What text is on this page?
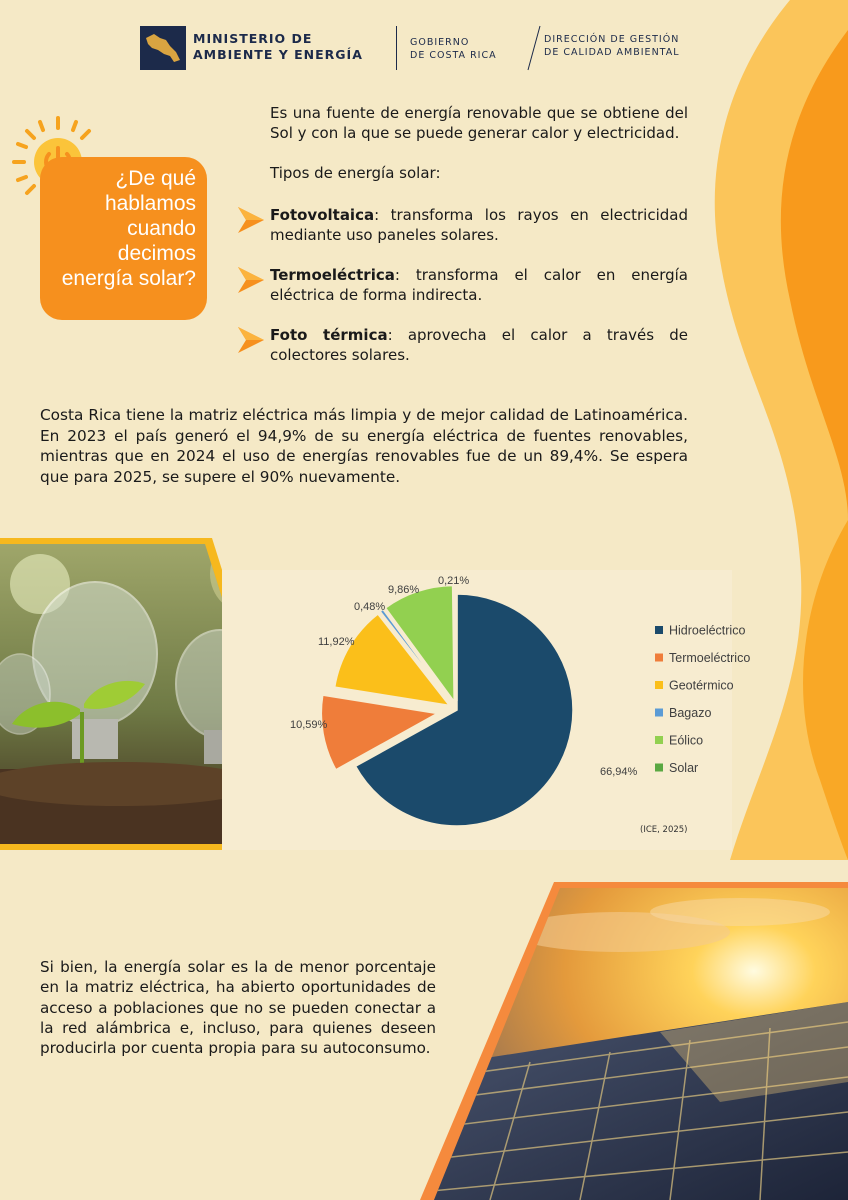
MINISTERIO DE
AMBIENTE Y ENERGÍA
GOBIERNO
DE COSTA RICA
DIRECCIÓN DE GESTIÓN
DE CALIDAD AMBIENTAL
¿De qué
hablamos
cuando
decimos
energía solar?
Es una fuente de energía renovable que se obtiene del Sol y con la que se puede generar calor y electricidad.
Tipos de energía solar:
Fotovoltaica: transforma los rayos en electricidad mediante uso paneles solares.
Termoeléctrica: transforma el calor en energía eléctrica de forma indirecta.
Foto térmica: aprovecha el calor a través de colectores solares.
Costa Rica tiene la matriz eléctrica más limpia y de mejor calidad de Latinoamérica. En 2023 el país generó el 94,9% de su energía eléctrica de fuentes renovables, mientras que en 2024 el uso de energías renovables fue de un 89,4%. Se espera que para 2025, se supere el 90% nuevamente.
66,94%
10,59%
11,92%
0,48%
9,86%
0,21%
Hidroeléctrico
Termoeléctrico
Geotérmico
Bagazo
Eólico
Solar
(ICE, 2025)
Si bien, la energía solar es la de menor porcentaje en la matriz eléctrica, ha abierto oportunidades de acceso a poblaciones que no se pueden conectar a la red alámbrica e, incluso, para quienes deseen producirla por cuenta propia para su autoconsumo.
